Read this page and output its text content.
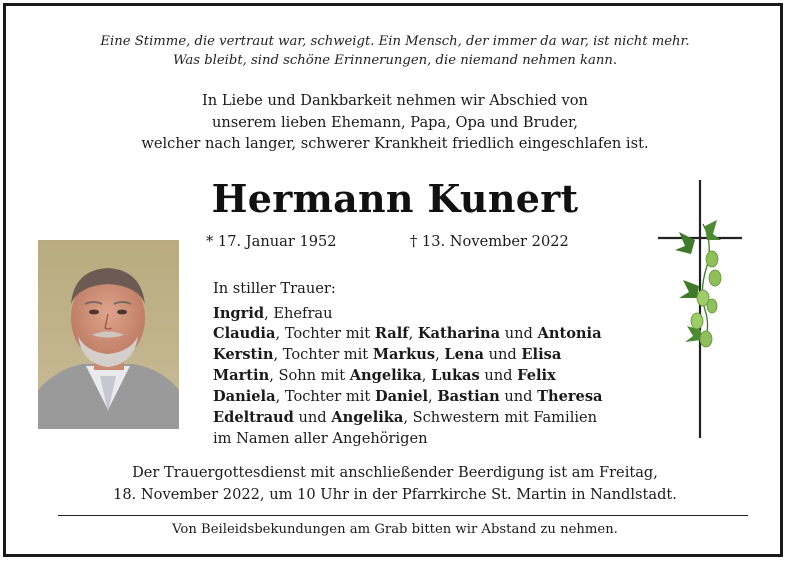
Eine Stimme, die vertraut war, schweigt. Ein Mensch, der immer da war, ist nicht mehr.
Was bleibt, sind schöne Erinnerungen, die niemand nehmen kann.
In Liebe und Dankbarkeit nehmen wir Abschied von
unserem lieben Ehemann, Papa, Opa und Bruder,
welcher nach langer, schwerer Krankheit friedlich eingeschlafen ist.
Hermann Kunert
* 17. Januar 1952	† 13. November 2022
In stiller Trauer:
Ingrid, Ehefrau
Claudia, Tochter mit Ralf, Katharina und Antonia
Kerstin, Tochter mit Markus, Lena und Elisa
Martin, Sohn mit Angelika, Lukas und Felix
Daniela, Tochter mit Daniel, Bastian und Theresa
Edeltraud und Angelika, Schwestern mit Familien
im Namen aller Angehörigen
Der Trauergottesdienst mit anschließender Beerdigung ist am Freitag,
18. November 2022, um 10 Uhr in der Pfarrkirche St. Martin in Nandlstadt.
Von Beileidsbekundungen am Grab bitten wir Abstand zu nehmen.
